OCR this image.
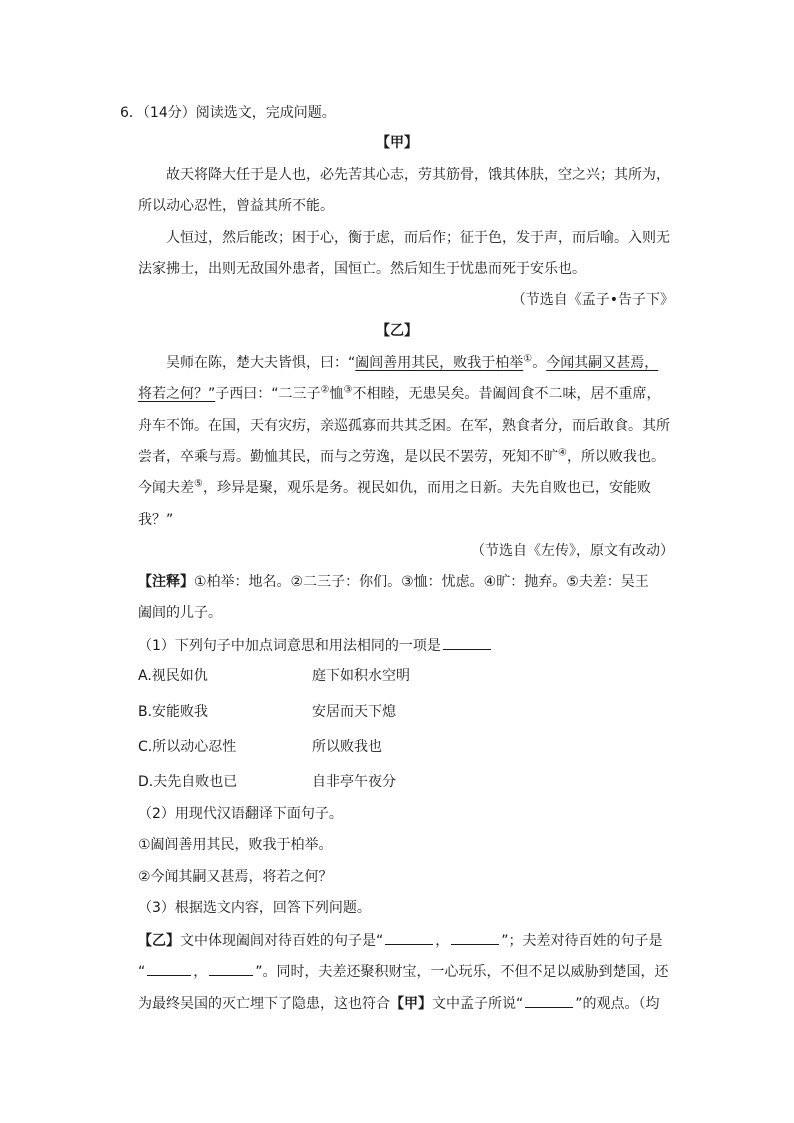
6．（14分）阅读选文，完成问题。
【甲】
故天将降大任于是人也，必先苦其心志，劳其筋骨，饿其体肤，空之兴；其所为，
所以动心忍性，曾益其所不能。
人恒过，然后能改；困于心，衡于虑，而后作；征于色，发于声，而后喻。入则无
法家拂士，出则无敌国外患者，国恒亡。然后知生于忧患而死于安乐也。
（节选自《孟子•告子下》
【乙】
吴师在陈，楚大夫皆惧，曰：“阖闾善用其民，败我于柏举①。今闻其嗣又甚焉，
将若之何？”子西曰：“二三子②恤③不相睦，无患吴矣。昔阖闾食不二味，居不重席，
舟车不饰。在国，天有灾疠，亲巡孤寡而共其乏困。在军，熟食者分，而后敢食。其所
尝者，卒乘与焉。勤恤其民，而与之劳逸，是以民不罢劳，死知不旷④，所以败我也。
今闻夫差⑤，珍异是聚，观乐是务。视民如仇，而用之日新。夫先自败也已，安能败
我？”
（节选自《左传》，原文有改动）
【注释】①柏举：地名。②二三子：你们。③恤：忧虑。④旷：抛弃。⑤夫差：吴王
阖闾的儿子。
（1）下列句子中加点词意思和用法相同的一项是
A.视民如仇	庭下如积水空明
B.安能败我	安居而天下熄
C.所以动心忍性	所以败我也
D.夫先自败也已	自非亭午夜分
（2）用现代汉语翻译下面句子。
①阖闾善用其民，败我于柏举。
②今闻其嗣又甚焉，将若之何？
（3）根据选文内容，回答下列问题。
【乙】文中体现阖闾对待百姓的句子是“	，	”；夫差对待百姓的句子是
“	，	”。同时，夫差还聚积财宝，一心玩乐，不但不足以威胁到楚国，还
为最终吴国的灭亡埋下了隐患，这也符合【甲】文中孟子所说“	”的观点。（均
